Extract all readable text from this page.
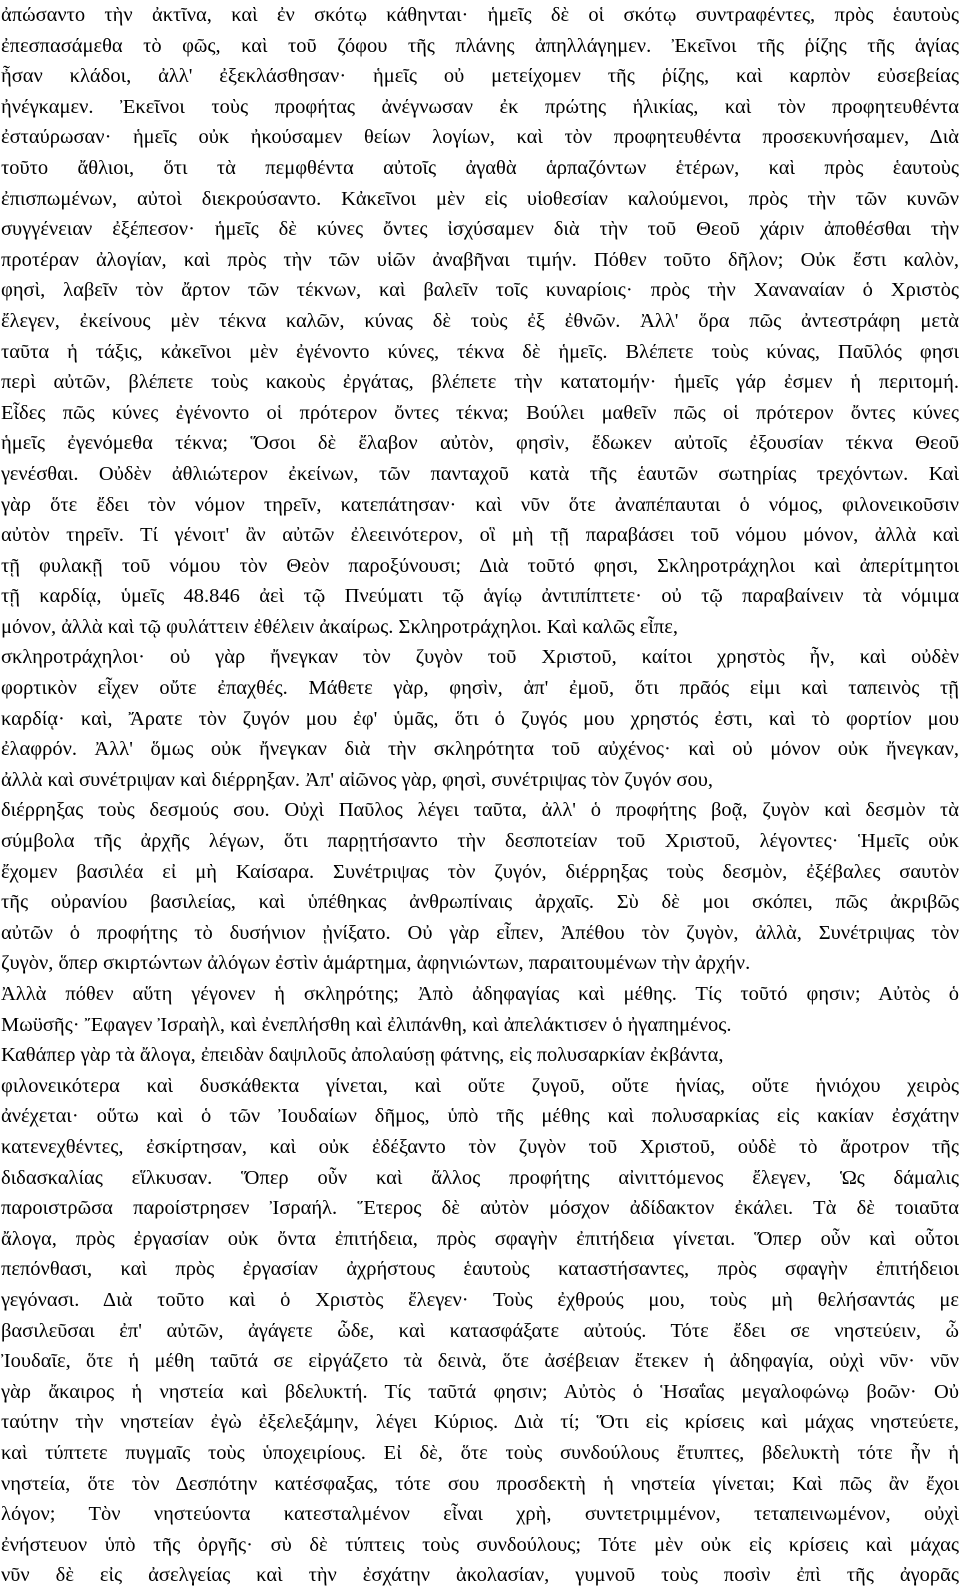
ἀπώσαντο τὴν ἀκτῖνα, καὶ ἐν σκότῳ κάθηνται· ἡμεῖς δὲ οἱ σκότῳ συντραφέντες, πρὸς ἑαυτοὺς
ἐπεσπασάμεθα τὸ φῶς, καὶ τοῦ ζόφου τῆς πλάνης ἀπηλλάγημεν. Ἐκεῖνοι τῆς ῥίζης τῆς ἁγίας
ἦσαν κλάδοι, ἀλλ' ἐξεκλάσθησαν· ἡμεῖς οὐ μετείχομεν τῆς ῥίζης, καὶ καρπὸν εὐσεβείας
ἠνέγκαμεν. Ἐκεῖνοι τοὺς προφήτας ἀνέγνωσαν ἐκ πρώτης ἡλικίας, καὶ τὸν προφητευθέντα
ἐσταύρωσαν· ἡμεῖς οὐκ ἠκούσαμεν θείων λογίων, καὶ τὸν προφητευθέντα προσεκυνήσαμεν, Διὰ
τοῦτο ἄθλιοι, ὅτι τὰ πεμφθέντα αὐτοῖς ἀγαθὰ ἁρπαζόντων ἑτέρων, καὶ πρὸς ἑαυτοὺς
ἐπισπωμένων, αὐτοὶ διεκρούσαντο. Κἀκεῖνοι μὲν εἰς υἱοθεσίαν καλούμενοι, πρὸς τὴν τῶν κυνῶν
συγγένειαν ἐξέπεσον· ἡμεῖς δὲ κύνες ὄντες ἰσχύσαμεν διὰ τὴν τοῦ Θεοῦ χάριν ἀποθέσθαι τὴν
προτέραν ἀλογίαν, καὶ πρὸς τὴν τῶν υἱῶν ἀναβῆναι τιμήν. Πόθεν τοῦτο δῆλον; Οὐκ ἔστι καλὸν,
φησὶ, λαβεῖν τὸν ἄρτον τῶν τέκνων, καὶ βαλεῖν τοῖς κυναρίοις· πρὸς τὴν Χαναναίαν ὁ Χριστὸς
ἔλεγεν, ἐκείνους μὲν τέκνα καλῶν, κύνας δὲ τοὺς ἐξ ἐθνῶν. Ἀλλ' ὅρα πῶς ἀντεστράφη μετὰ
ταῦτα ἡ τάξις, κἀκεῖνοι μὲν ἐγένοντο κύνες, τέκνα δὲ ἡμεῖς. Βλέπετε τοὺς κύνας, Παῦλός φησι
περὶ αὐτῶν, βλέπετε τοὺς κακοὺς ἐργάτας, βλέπετε τὴν κατατομήν· ἡμεῖς γάρ ἐσμεν ἡ περιτομή.
Εἶδες πῶς κύνες ἐγένοντο οἱ πρότερον ὄντες τέκνα; Βούλει μαθεῖν πῶς οἱ πρότερον ὄντες κύνες
ἡμεῖς ἐγενόμεθα τέκνα; Ὅσοι δὲ ἔλαβον αὐτὸν, φησὶν, ἔδωκεν αὐτοῖς ἐξουσίαν τέκνα Θεοῦ
γενέσθαι. Οὐδὲν ἀθλιώτερον ἐκείνων, τῶν πανταχοῦ κατὰ τῆς ἑαυτῶν σωτηρίας τρεχόντων. Καὶ
γὰρ ὅτε ἔδει τὸν νόμον τηρεῖν, κατεπάτησαν· καὶ νῦν ὅτε ἀναπέπαυται ὁ νόμος, φιλονεικοῦσιν
αὐτὸν τηρεῖν. Τί γένοιτ' ἂν αὐτῶν ἐλεεινότερον, οἳ μὴ τῇ παραβάσει τοῦ νόμου μόνον, ἀλλὰ καὶ
τῇ φυλακῇ τοῦ νόμου τὸν Θεὸν παροξύνουσι; Διὰ τοῦτό φησι, Σκληροτράχηλοι καὶ ἀπερίτμητοι
τῇ καρδίᾳ, ὑμεῖς 48.846 ἀεὶ τῷ Πνεύματι τῷ ἁγίῳ ἀντιπίπτετε· οὐ τῷ παραβαίνειν τὰ νόμιμα
μόνον, ἀλλὰ καὶ τῷ φυλάττειν ἐθέλειν ἀκαίρως. Σκληροτράχηλοι. Καὶ καλῶς εἶπε,
σκληροτράχηλοι· οὐ γὰρ ἤνεγκαν τὸν ζυγὸν τοῦ Χριστοῦ, καίτοι χρηστὸς ἦν, καὶ οὐδὲν
φορτικὸν εἶχεν οὔτε ἐπαχθές. Μάθετε γὰρ, φησὶν, ἀπ' ἐμοῦ, ὅτι πρᾶός εἰμι καὶ ταπεινὸς τῇ
καρδίᾳ· καὶ, Ἄρατε τὸν ζυγόν μου ἐφ' ὑμᾶς, ὅτι ὁ ζυγός μου χρηστός ἐστι, καὶ τὸ φορτίον μου
ἐλαφρόν. Ἀλλ' ὅμως οὐκ ἤνεγκαν διὰ τὴν σκληρότητα τοῦ αὐχένος· καὶ οὐ μόνον οὐκ ἤνεγκαν,
ἀλλὰ καὶ συνέτριψαν καὶ διέρρηξαν. Ἀπ' αἰῶνος γὰρ, φησὶ, συνέτριψας τὸν ζυγόν σου,
διέρρηξας τοὺς δεσμούς σου. Οὐχὶ Παῦλος λέγει ταῦτα, ἀλλ' ὁ προφήτης βοᾷ, ζυγὸν καὶ δεσμὸν τὰ
σύμβολα τῆς ἀρχῆς λέγων, ὅτι παρῃτήσαντο τὴν δεσποτείαν τοῦ Χριστοῦ, λέγοντες· Ἡμεῖς οὐκ
ἔχομεν βασιλέα εἰ μὴ Καίσαρα. Συνέτριψας τὸν ζυγόν, διέρρηξας τοὺς δεσμὸν, ἐξέβαλες σαυτὸν
τῆς οὐρανίου βασιλείας, καὶ ὑπέθηκας ἀνθρωπίναις ἀρχαῖς. Σὺ δὲ μοι σκόπει, πῶς ἀκριβῶς
αὐτῶν ὁ προφήτης τὸ δυσήνιον ᾐνίξατο. Οὐ γὰρ εἶπεν, Ἀπέθου τὸν ζυγὸν, ἀλλὰ, Συνέτριψας τὸν
ζυγὸν, ὅπερ σκιρτώντων ἀλόγων ἐστὶν ἁμάρτημα, ἀφηνιώντων, παραιτουμένων τὴν ἀρχήν.
Ἀλλὰ πόθεν αὕτη γέγονεν ἡ σκληρότης; Ἀπὸ ἀδηφαγίας καὶ μέθης. Τίς τοῦτό φησιν; Αὐτὸς ὁ
Μωϋσῆς· Ἔφαγεν Ἰσραὴλ, καὶ ἐνεπλήσθη καὶ ἐλιπάνθη, καὶ ἀπελάκτισεν ὁ ἠγαπημένος.
Καθάπερ γὰρ τὰ ἄλογα, ἐπειδὰν δαψιλοῦς ἀπολαύσῃ φάτνης, εἰς πολυσαρκίαν ἐκβάντα,
φιλονεικότερα καὶ δυσκάθεκτα γίνεται, καὶ οὔτε ζυγοῦ, οὔτε ἡνίας, οὔτε ἡνιόχου χειρὸς
ἀνέχεται· οὕτω καὶ ὁ τῶν Ἰουδαίων δῆμος, ὑπὸ τῆς μέθης καὶ πολυσαρκίας εἰς κακίαν ἐσχάτην
κατενεχθέντες, ἐσκίρτησαν, καὶ οὐκ ἐδέξαντο τὸν ζυγὸν τοῦ Χριστοῦ, οὐδὲ τὸ ἄροτρον τῆς
διδασκαλίας εἵλκυσαν. Ὅπερ οὖν καὶ ἄλλος προφήτης αἰνιττόμενος ἔλεγεν, Ὡς δάμαλις
παροιστρῶσα παροίστρησεν Ἰσραήλ. Ἕτερος δὲ αὐτὸν μόσχον ἀδίδακτον ἐκάλει. Τὰ δὲ τοιαῦτα
ἄλογα, πρὸς ἐργασίαν οὐκ ὄντα ἐπιτήδεια, πρὸς σφαγὴν ἐπιτήδεια γίνεται. Ὅπερ οὖν καὶ οὗτοι
πεπόνθασι, καὶ πρὸς ἐργασίαν ἀχρήστους ἑαυτοὺς καταστήσαντες, πρὸς σφαγὴν ἐπιτήδειοι
γεγόνασι. Διὰ τοῦτο καὶ ὁ Χριστὸς ἔλεγεν· Τοὺς ἐχθρούς μου, τοὺς μὴ θελήσαντάς με
βασιλεῦσαι ἐπ' αὐτῶν, ἀγάγετε ὧδε, καὶ κατασφάξατε αὐτούς. Τότε ἔδει σε νηστεύειν, ὦ
Ἰουδαῖε, ὅτε ἡ μέθη ταῦτά σε εἰργάζετο τὰ δεινὰ, ὅτε ἀσέβειαν ἔτεκεν ἡ ἀδηφαγία, οὐχὶ νῦν· νῦν
γὰρ ἄκαιρος ἡ νηστεία καὶ βδελυκτή. Τίς ταῦτά φησιν; Αὐτὸς ὁ Ἡσαΐας μεγαλοφώνῳ βοῶν· Οὐ
ταύτην τὴν νηστείαν ἐγὼ ἐξελεξάμην, λέγει Κύριος. Διὰ τί; Ὅτι εἰς κρίσεις καὶ μάχας νηστεύετε,
καὶ τύπτετε πυγμαῖς τοὺς ὑποχειρίους. Εἰ δὲ, ὅτε τοὺς συνδούλους ἔτυπτες, βδελυκτὴ τότε ἦν ἡ
νηστεία, ὅτε τὸν Δεσπότην κατέσφαξας, τότε σου προσδεκτὴ ἡ νηστεία γίνεται; Καὶ πῶς ἂν ἔχοι
λόγον; Τὸν νηστεύοντα κατεσταλμένον εἶναι χρὴ, συντετριμμένον, τεταπεινωμένον, οὐχὶ
ἐνήστευον ὑπὸ τῆς ὀργῆς· σὺ δὲ τύπτεις τοὺς συνδούλους; Τότε μὲν οὐκ εἰς κρίσεις καὶ μάχας
νῦν δὲ εἰς ἀσελγείας καὶ τὴν ἐσχάτην ἀκολασίαν, γυμνοῦ τοὺς ποσὶν ἐπὶ τῆς ἀγορᾶς
